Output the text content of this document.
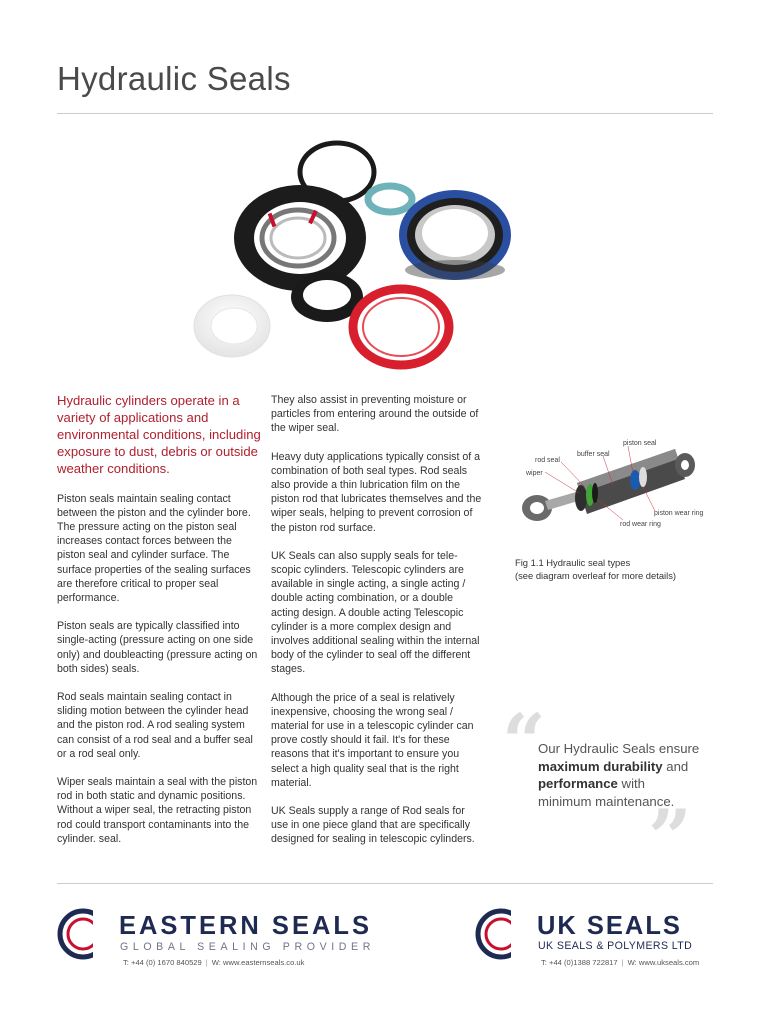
Hydraulic Seals

Hydraulic cylinders operate in a variety of applications and environmental conditions, including exposure to dust, debris or outside weather conditions.

Piston seals maintain sealing contact between the piston and the cylinder bore. The pressure acting on the piston seal increases contact forces between the piston seal and cylinder surface. The surface properties of the sealing surfaces are therefore critical to proper seal performance.

Piston seals are typically classified into single-acting (pressure acting on one side only) and doubleacting (pressure acting on both sides) seals.

Rod seals maintain sealing contact in sliding motion between the cylinder head and the piston rod. A rod sealing system can consist of a rod seal and a buffer seal or a rod seal only.

Wiper seals maintain a seal with the piston rod in both static and dynamic positions. Without a wiper seal, the retracting piston rod could transport contaminants into the cylinder. seal.

They also assist in preventing moisture or particles from entering around the outside of the wiper seal.

Heavy duty applications typically consist of a combination of both seal types. Rod seals also provide a thin lubrication film on the piston rod that lubricates themselves and the wiper seals, helping to prevent corrosion of the piston rod surface.

UK Seals can also supply seals for tele-scopic cylinders. Telescopic cylinders are available in single acting, a single acting / double acting combination, or a double acting design. A double acting Telescopic cylinder is a more complex design and involves additional sealing within the internal body of the cylinder to seal off the different stages.

Although the price of a seal is relatively inexpensive, choosing the wrong seal / material for use in a telescopic cylinder can prove costly should it fail. It's for these reasons that it's important to ensure you select a high quality seal that is the right material.

UK Seals supply a range of Rod seals for use in one piece gland that are specifically designed for sealing in telescopic cylinders.

piston seal
buffer seal
rod seal
wiper
piston wear ring
rod wear ring
Fig 1.1 Hydraulic seal types
(see diagram overleaf for more details)
“
”
Our Hydraulic Seals ensure
maximum durability and
performance with
minimum maintenance.
EASTERN SEALS
GLOBAL SEALING PROVIDER
T: +44 (0) 1670 840529 | W: www.easternseals.co.uk
UK SEALS
UK SEALS & POLYMERS LTD
T: +44 (0)1388 722817 | W: www.ukseals.com
